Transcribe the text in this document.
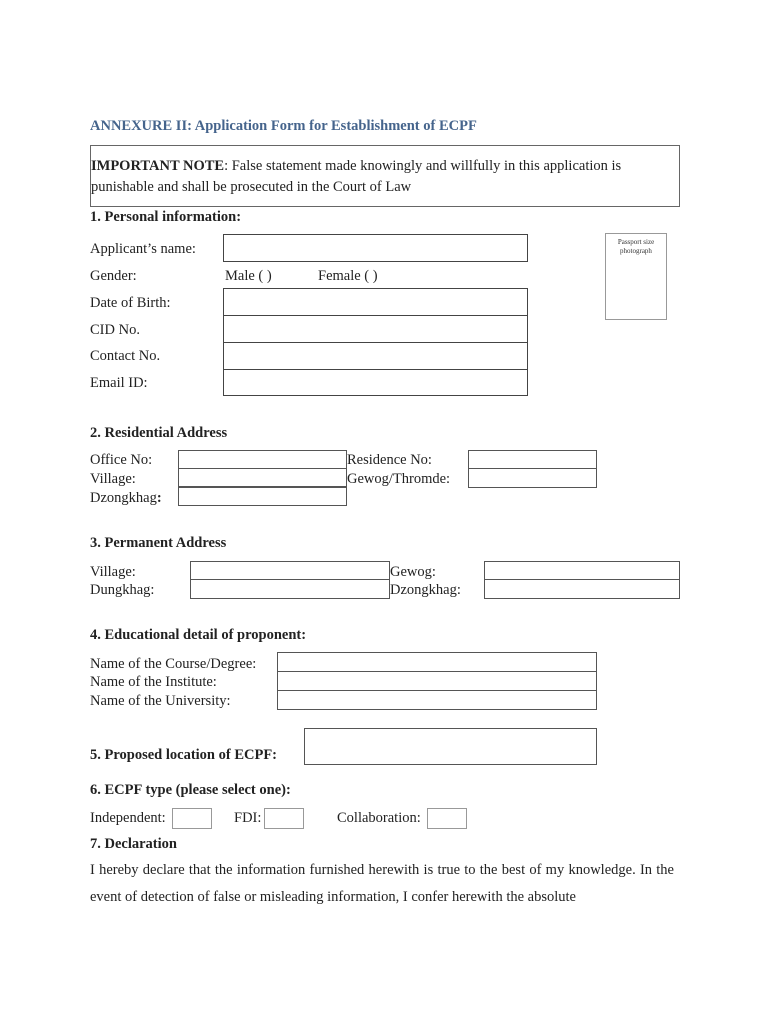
ANNEXURE II: Application Form for Establishment of ECPF
IMPORTANT NOTE: False statement made knowingly and willfully in this application is punishable and shall be prosecuted in the Court of Law
1. Personal information:
Applicant’s name:
Gender:	Male ( )	Female ( )
Date of Birth:
CID No.
Contact No.
Email ID:
Passport size photograph
2. Residential Address
Office No:
Village:
Dzongkhag:
Residence No:
Gewog/Thromde:
3. Permanent Address
Village:
Dungkhag:
Gewog:
Dzongkhag:
4. Educational detail of proponent:
Name of the Course/Degree:
Name of the Institute:
Name of the University:
5. Proposed location of ECPF:
6. ECPF type (please select one):
Independent:	FDI:	Collaboration:
7. Declaration
I hereby declare that the information furnished herewith is true to the best of my knowledge. In the event of detection of false or misleading information, I confer herewith the absolute
